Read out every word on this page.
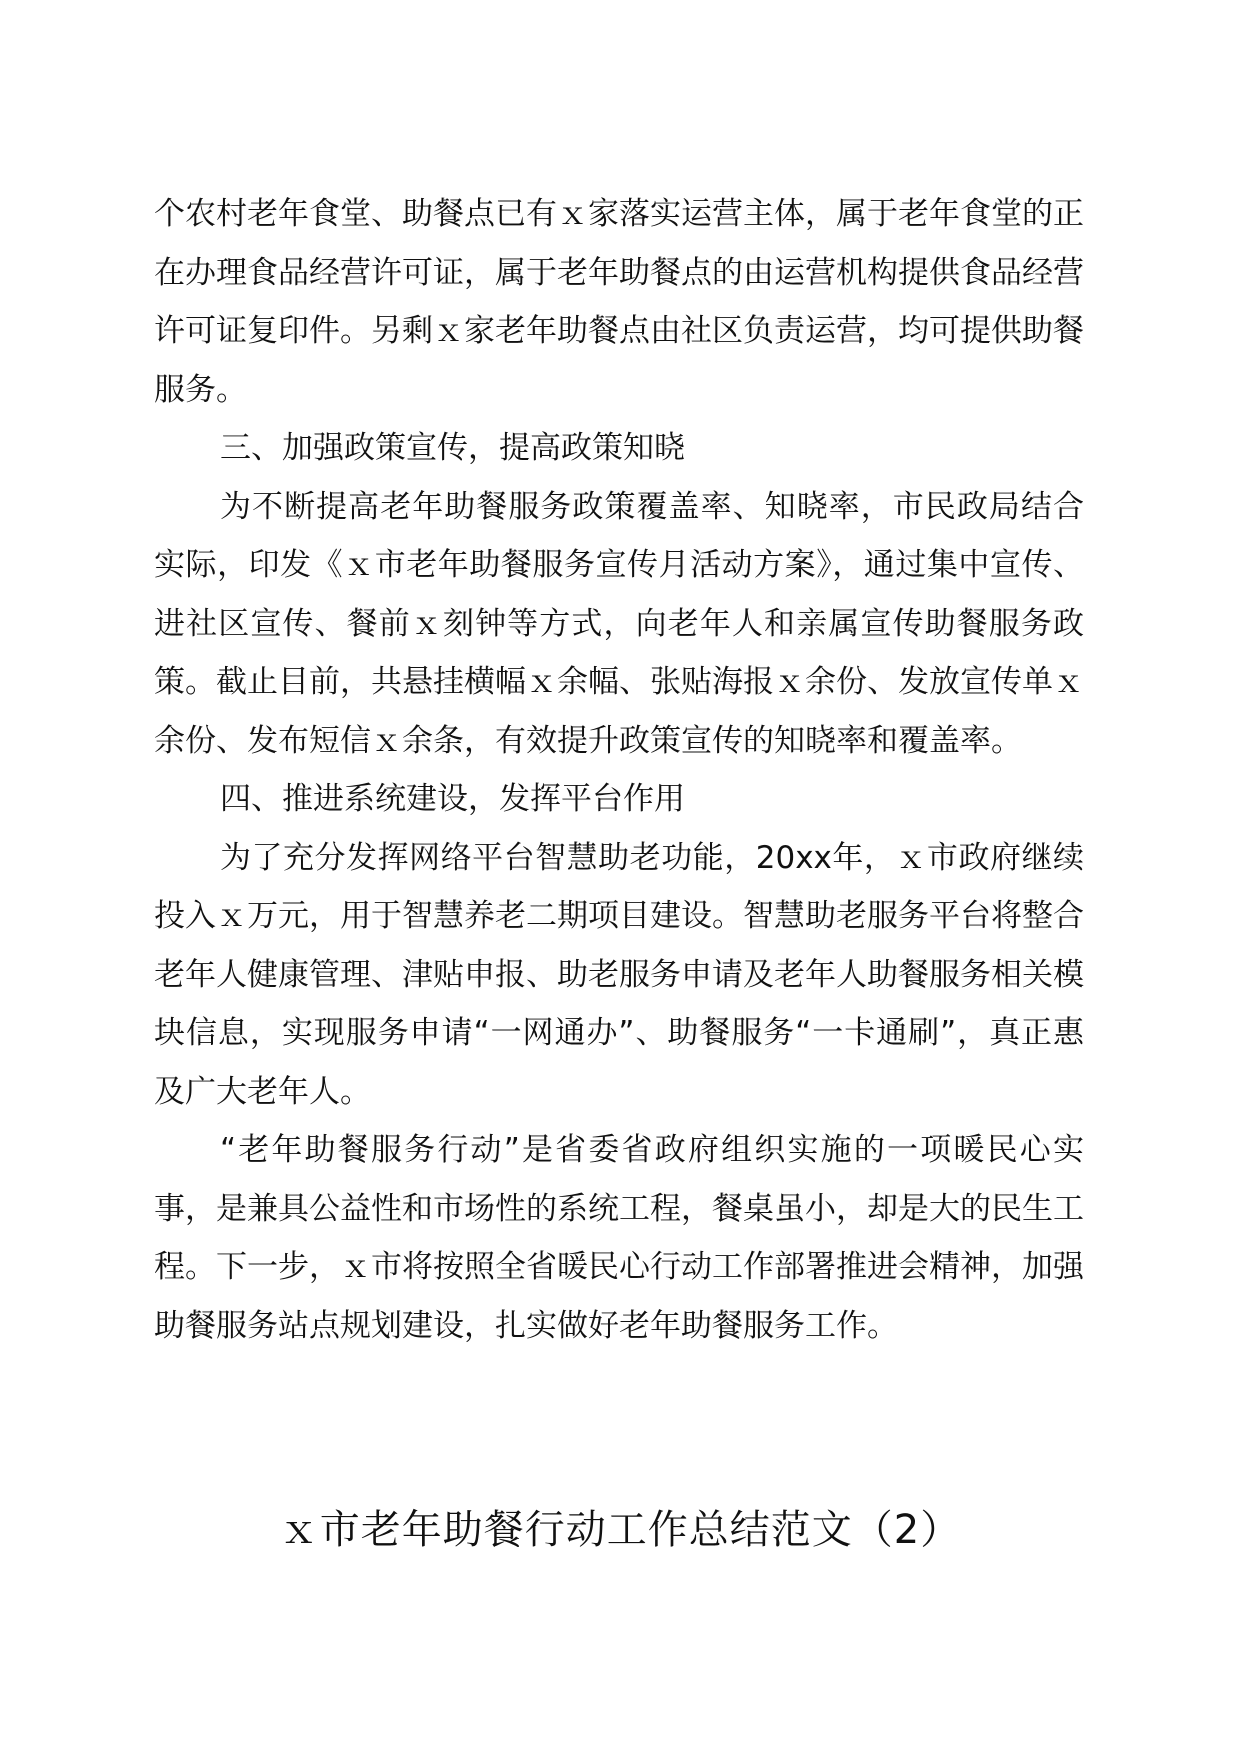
个农村老年食堂、助餐点已有ｘ家落实运营主体，属于老年食堂的正在办理食品经营许可证，属于老年助餐点的由运营机构提供食品经营许可证复印件。另剩ｘ家老年助餐点由社区负责运营，均可提供助餐服务。

三、加强政策宣传，提高政策知晓

为不断提高老年助餐服务政策覆盖率、知晓率，市民政局结合实际，印发《ｘ市老年助餐服务宣传月活动方案》，通过集中宣传、进社区宣传、餐前ｘ刻钟等方式，向老年人和亲属宣传助餐服务政策。截止目前，共悬挂横幅ｘ余幅、张贴海报ｘ余份、发放宣传单ｘ余份、发布短信ｘ余条，有效提升政策宣传的知晓率和覆盖率。

四、推进系统建设，发挥平台作用

为了充分发挥网络平台智慧助老功能，20xx年，ｘ市政府继续投入ｘ万元，用于智慧养老二期项目建设。智慧助老服务平台将整合老年人健康管理、津贴申报、助老服务申请及老年人助餐服务相关模块信息，实现服务申请“一网通办”、助餐服务“一卡通刷”，真正惠及广大老年人。

“老年助餐服务行动”是省委省政府组织实施的一项暖民心实事，是兼具公益性和市场性的系统工程，餐桌虽小，却是大的民生工程。下一步，ｘ市将按照全省暖民心行动工作部署推进会精神，加强助餐服务站点规划建设，扎实做好老年助餐服务工作。

ｘ市老年助餐行动工作总结范文（2）
